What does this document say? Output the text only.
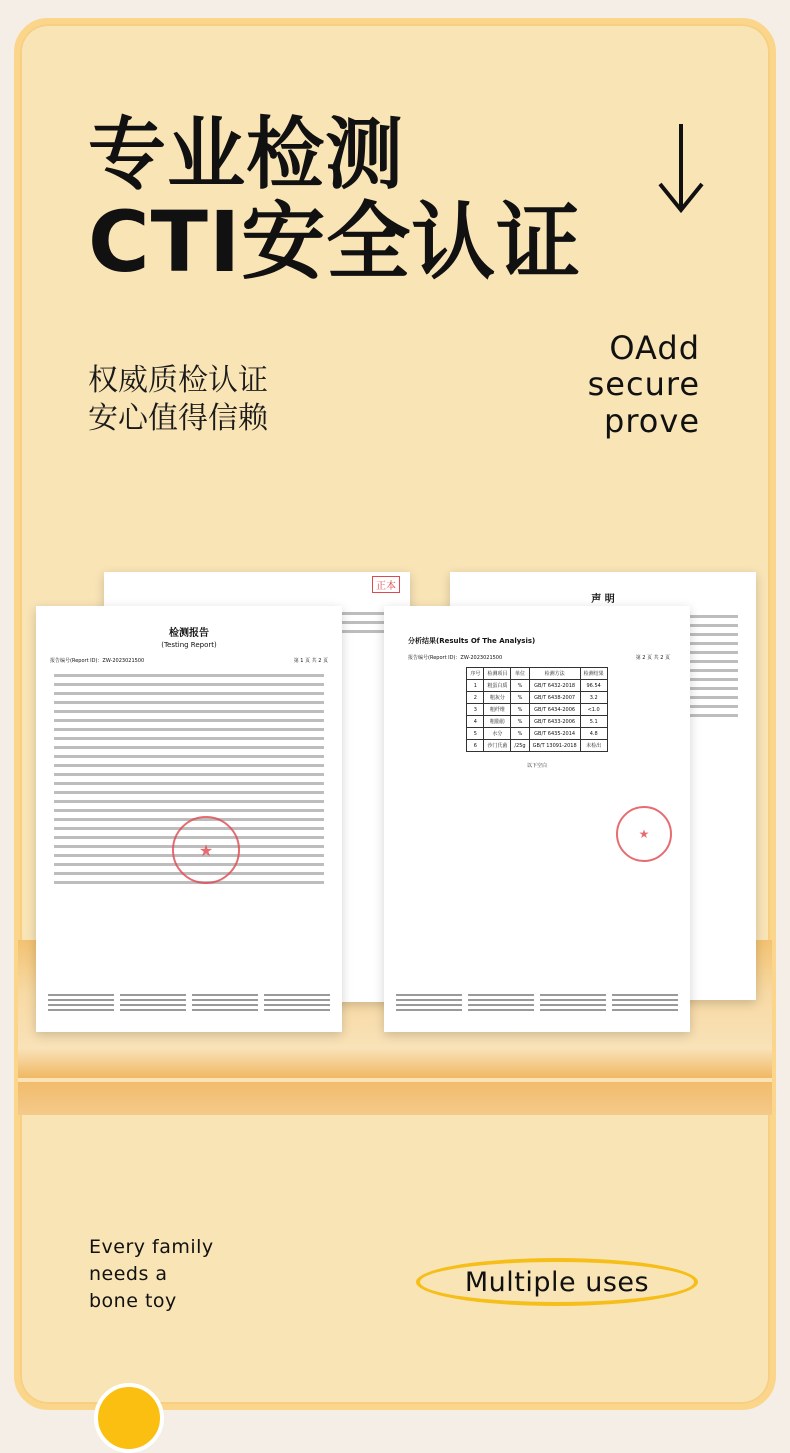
专业检测
CTI安全认证
权威质检认证
安心值得信赖
OAdd
secure
prove
正本
声 明
检测报告
(Testing Report)
报告编号(Report ID)：ZW-2023021500	第 1 页 共 2 页
★
分析结果(Results Of The Analysis)
报告编号(Report ID)：ZW-2023021500	第 2 页 共 2 页
序号	检测项目	单位	检测方法	检测结果
1	粗蛋白质	%	GB/T 6432-2018	96.54
2	粗灰分	%	GB/T 6438-2007	3.2
3	粗纤维	%	GB/T 6434-2006	<1.0
4	粗脂肪	%	GB/T 6433-2006	5.1
5	水分	%	GB/T 6435-2014	4.8
6	沙门氏菌	/25g	GB/T 13091-2018	未检出
以下空白
★
Every family
needs a
bone toy
Multiple uses
